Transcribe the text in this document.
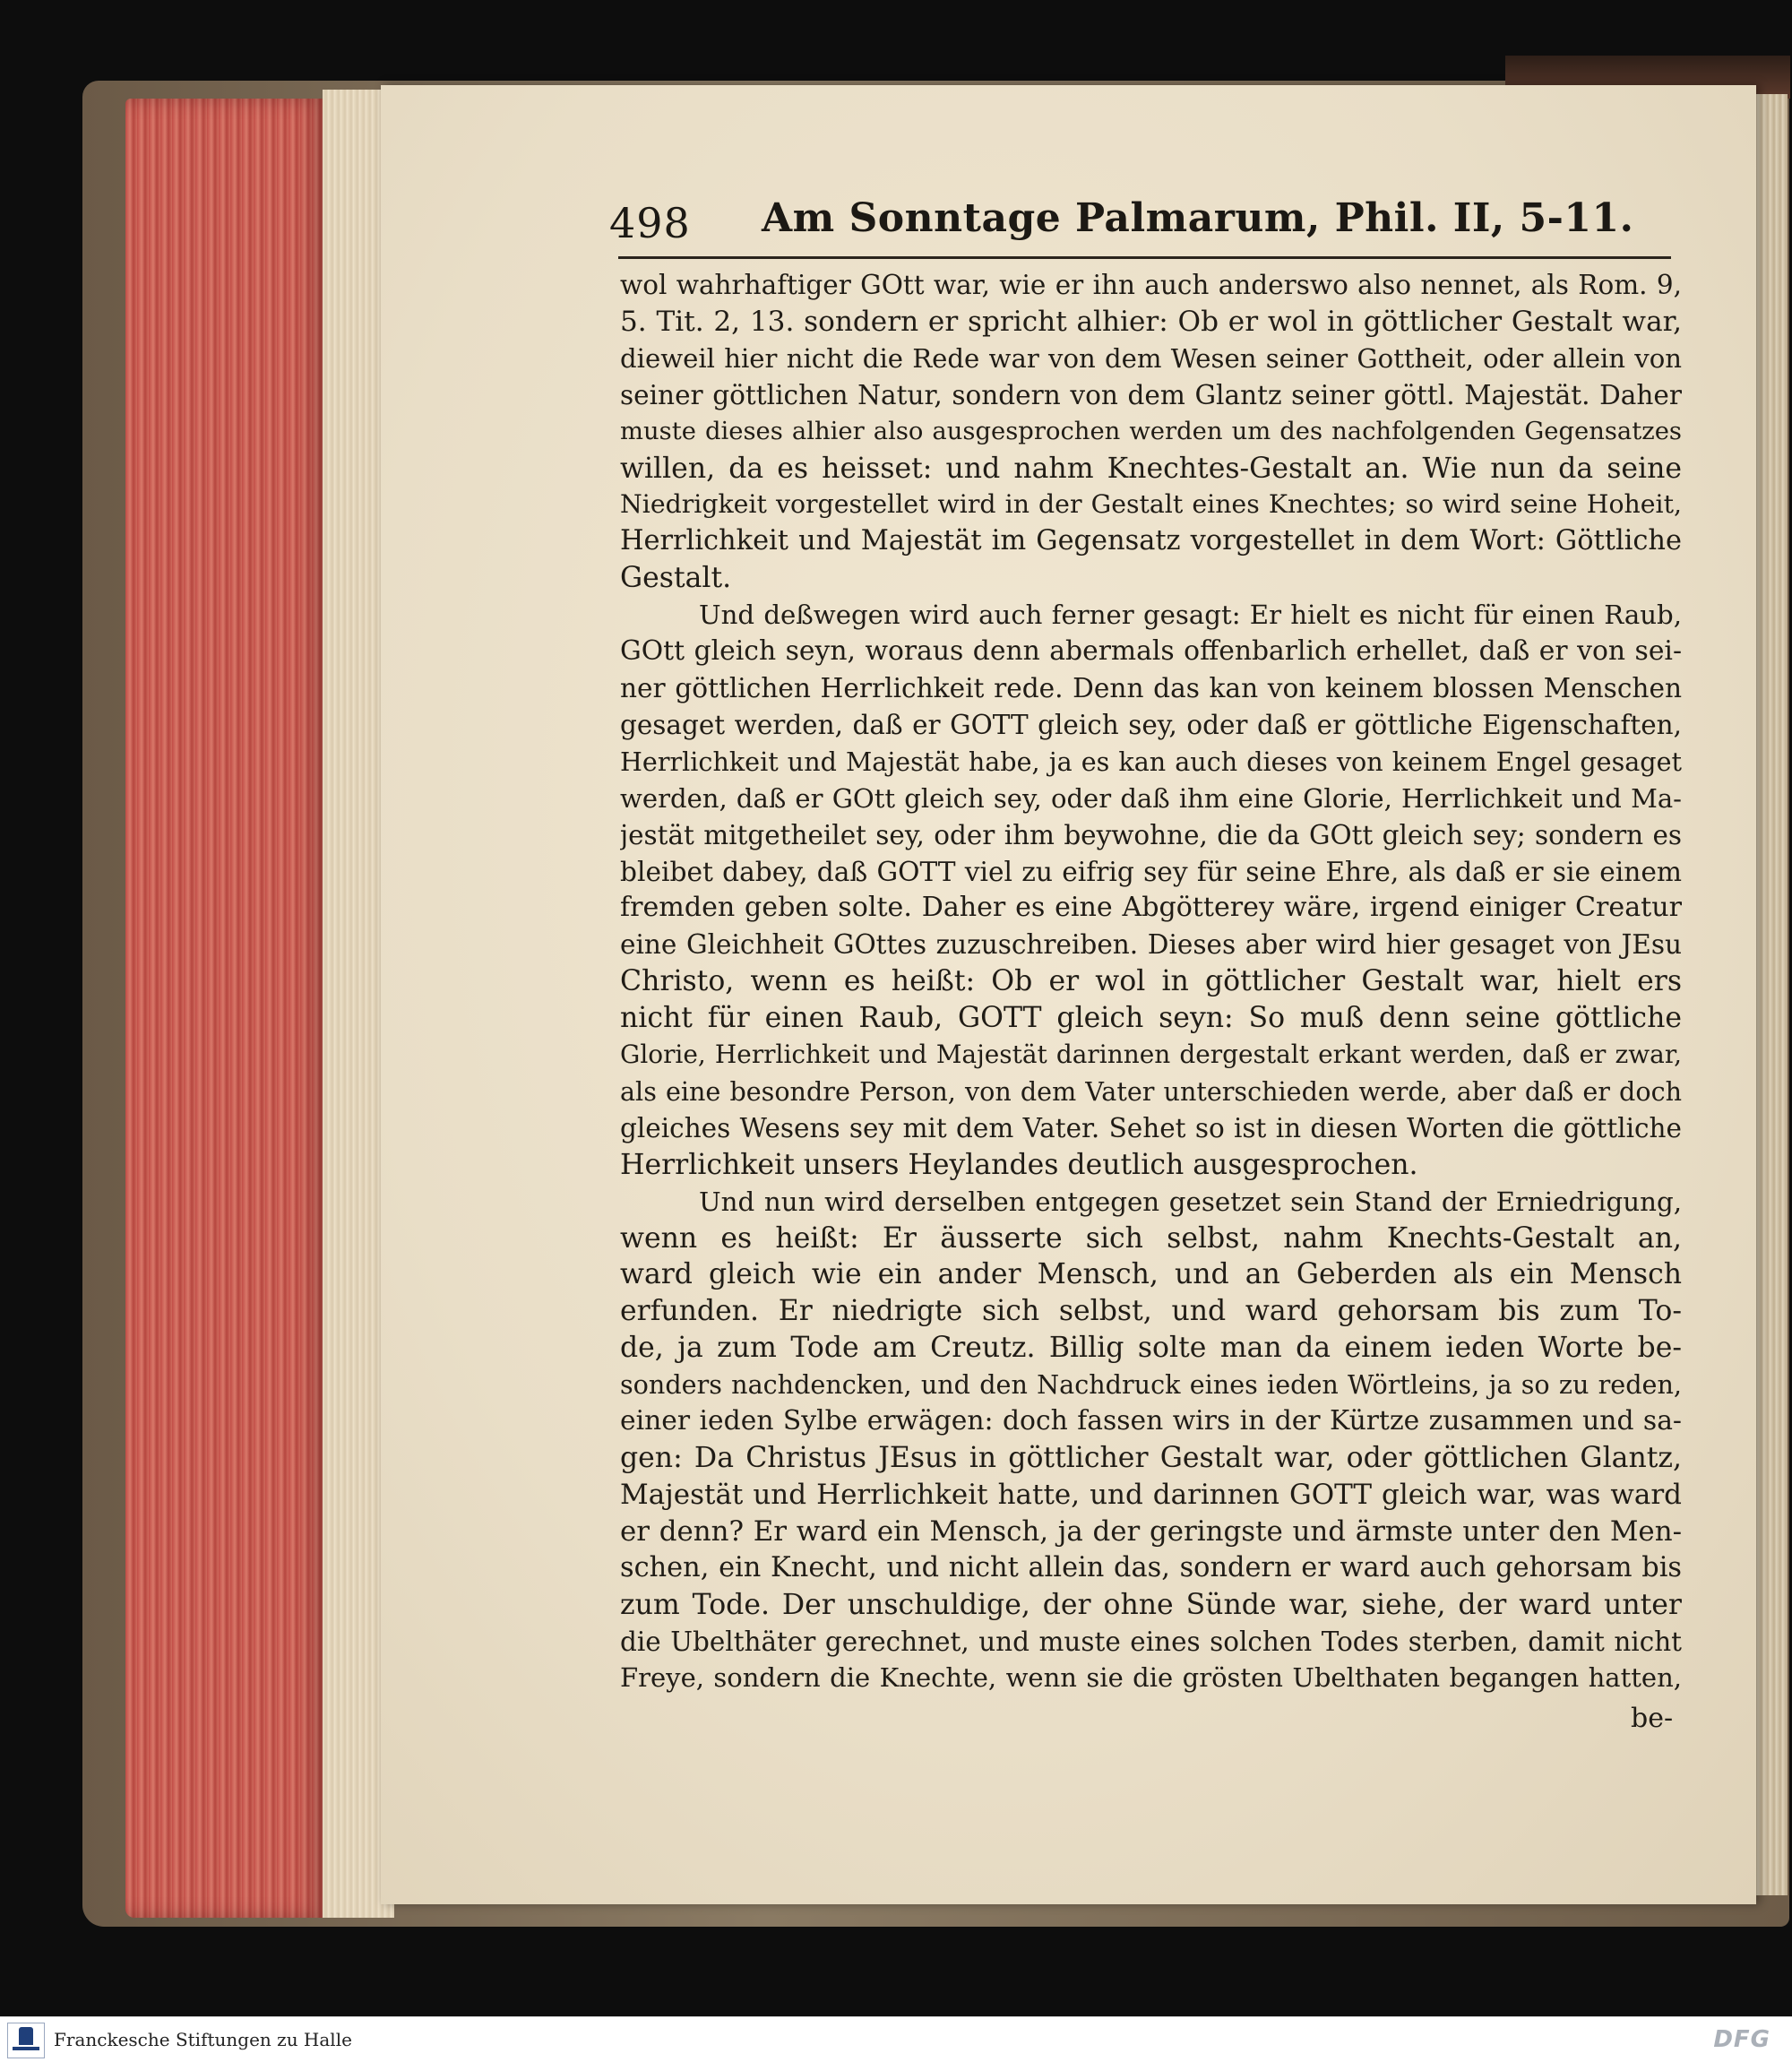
498 Am Sonntage Palmarum, Phil. II, 5-11.
wol wahrhaftiger GOtt war, wie er ihn auch anderswo also nennet, als Rom. 9,
5. Tit. 2, 13. sondern er spricht alhier: Ob er wol in göttlicher Gestalt war,
dieweil hier nicht die Rede war von dem Wesen seiner Gottheit, oder allein von
seiner göttlichen Natur, sondern von dem Glantz seiner göttl. Majestät. Daher
muste dieses alhier also ausgesprochen werden um des nachfolgenden Gegensatzes
willen, da es heisset: und nahm Knechtes-Gestalt an. Wie nun da seine
Niedrigkeit vorgestellet wird in der Gestalt eines Knechtes; so wird seine Hoheit,
Herrlichkeit und Majestät im Gegensatz vorgestellet in dem Wort: Göttliche
Gestalt.
Und deßwegen wird auch ferner gesagt: Er hielt es nicht für einen Raub,
GOtt gleich seyn, woraus denn abermals offenbarlich erhellet, daß er von sei-
ner göttlichen Herrlichkeit rede. Denn das kan von keinem blossen Menschen
gesaget werden, daß er GOTT gleich sey, oder daß er göttliche Eigenschaften,
Herrlichkeit und Majestät habe, ja es kan auch dieses von keinem Engel gesaget
werden, daß er GOtt gleich sey, oder daß ihm eine Glorie, Herrlichkeit und Ma-
jestät mitgetheilet sey, oder ihm beywohne, die da GOtt gleich sey; sondern es
bleibet dabey, daß GOTT viel zu eifrig sey für seine Ehre, als daß er sie einem
fremden geben solte. Daher es eine Abgötterey wäre, irgend einiger Creatur
eine Gleichheit GOttes zuzuschreiben. Dieses aber wird hier gesaget von JEsu
Christo, wenn es heißt: Ob er wol in göttlicher Gestalt war, hielt ers
nicht für einen Raub, GOTT gleich seyn: So muß denn seine göttliche
Glorie, Herrlichkeit und Majestät darinnen dergestalt erkant werden, daß er zwar,
als eine besondre Person, von dem Vater unterschieden werde, aber daß er doch
gleiches Wesens sey mit dem Vater. Sehet so ist in diesen Worten die göttliche
Herrlichkeit unsers Heylandes deutlich ausgesprochen.
Und nun wird derselben entgegen gesetzet sein Stand der Erniedrigung,
wenn es heißt: Er äusserte sich selbst, nahm Knechts-Gestalt an,
ward gleich wie ein ander Mensch, und an Geberden als ein Mensch
erfunden. Er niedrigte sich selbst, und ward gehorsam bis zum To-
de, ja zum Tode am Creutz. Billig solte man da einem ieden Worte be-
sonders nachdencken, und den Nachdruck eines ieden Wörtleins, ja so zu reden,
einer ieden Sylbe erwägen: doch fassen wirs in der Kürtze zusammen und sa-
gen: Da Christus JEsus in göttlicher Gestalt war, oder göttlichen Glantz,
Majestät und Herrlichkeit hatte, und darinnen GOTT gleich war, was ward
er denn? Er ward ein Mensch, ja der geringste und ärmste unter den Men-
schen, ein Knecht, und nicht allein das, sondern er ward auch gehorsam bis
zum Tode. Der unschuldige, der ohne Sünde war, siehe, der ward unter
die Ubelthäter gerechnet, und muste eines solchen Todes sterben, damit nicht
Freye, sondern die Knechte, wenn sie die grösten Ubelthaten begangen hatten,
be-
Franckesche Stiftungen zu Halle	DFG
